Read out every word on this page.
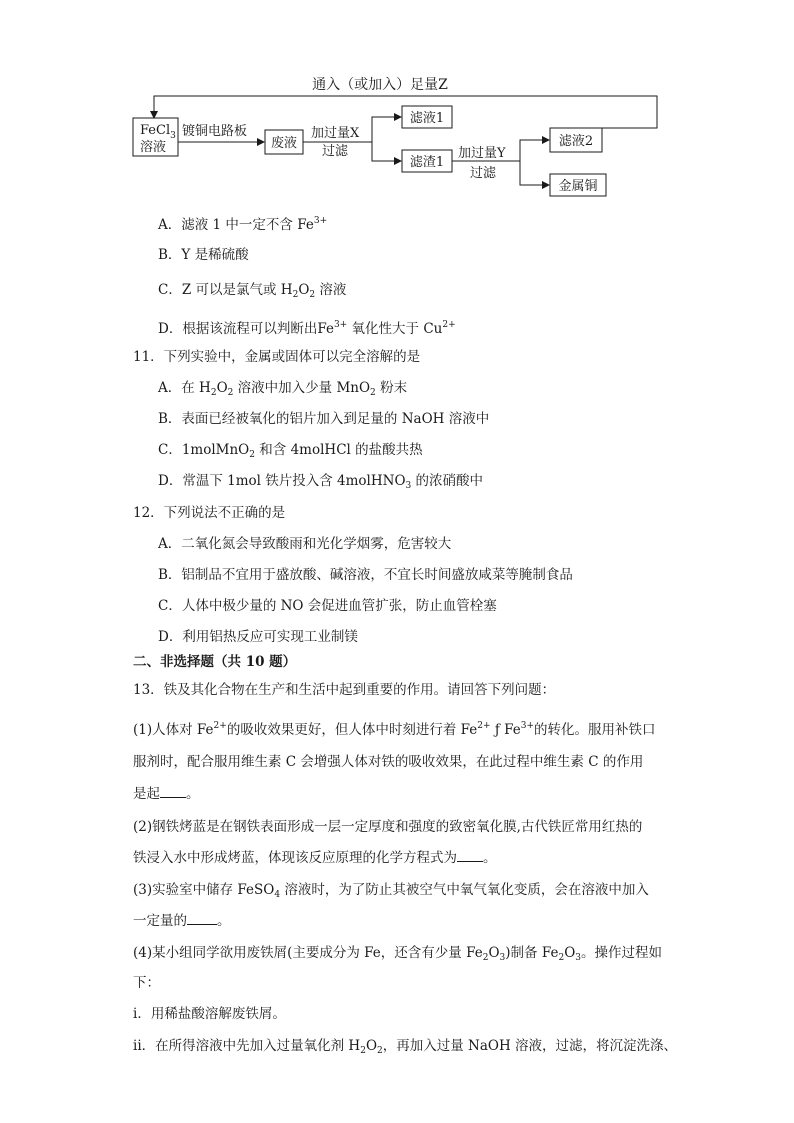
通入（或加入）足量Z
FeCl$_3$
溶液
镀铜电路板
废液
加过量X
过滤
滤液1
滤渣1
加过量Y
过滤
滤液2
金属铜
A．滤液 1 中一定不含 $Fe^{3+}$
B．Y 是稀硫酸
C．Z 可以是氯气或 $H_2O_2$ 溶液
D．根据该流程可以判断出$Fe^{3+}$ 氧化性大于 $Cu^{2+}$
11．下列实验中，金属或固体可以完全溶解的是
A．在 $H_2O_2$ 溶液中加入少量 MnO$_2$ 粉末
B．表面已经被氧化的铝片加入到足量的 NaOH 溶液中
C．1molMnO$_2$ 和含 4molHCl 的盐酸共热
D．常温下 1mol 铁片投入含 4molHNO$_3$ 的浓硝酸中
12．下列说法不正确的是
A．二氧化氮会导致酸雨和光化学烟雾，危害较大
B．铝制品不宜用于盛放酸、碱溶液，不宜长时间盛放咸菜等腌制食品
C．人体中极少量的 NO 会促进血管扩张，防止血管栓塞
D．利用铝热反应可实现工业制镁
二、非选择题（共 10 题）
13．铁及其化合物在生产和生活中起到重要的作用。请回答下列问题：
(1)人体对 $Fe^{2+}$的吸收效果更好，但人体中时刻进行着 $Fe^{2+}$ ƒ $Fe^{3+}$的转化。服用补铁口
服剂时，配合服用维生素 C 会增强人体对铁的吸收效果，在此过程中维生素 C 的作用
是起 。
(2)钢铁烤蓝是在钢铁表面形成一层一定厚度和强度的致密氧化膜,古代铁匠常用红热的
铁浸入水中形成烤蓝，体现该反应原理的化学方程式为 。
(3)实验室中储存 FeSO$_4$ 溶液时，为了防止其被空气中氧气氧化变质，会在溶液中加入
一定量的 。
(4)某小组同学欲用废铁屑(主要成分为 Fe，还含有少量 $Fe_2O_3$)制备 $Fe_2O_3$。操作过程如
下：
i．用稀盐酸溶解废铁屑。
ii．在所得溶液中先加入过量氧化剂 $H_2O_2$，再加入过量 NaOH 溶液，过滤，将沉淀洗涤、
